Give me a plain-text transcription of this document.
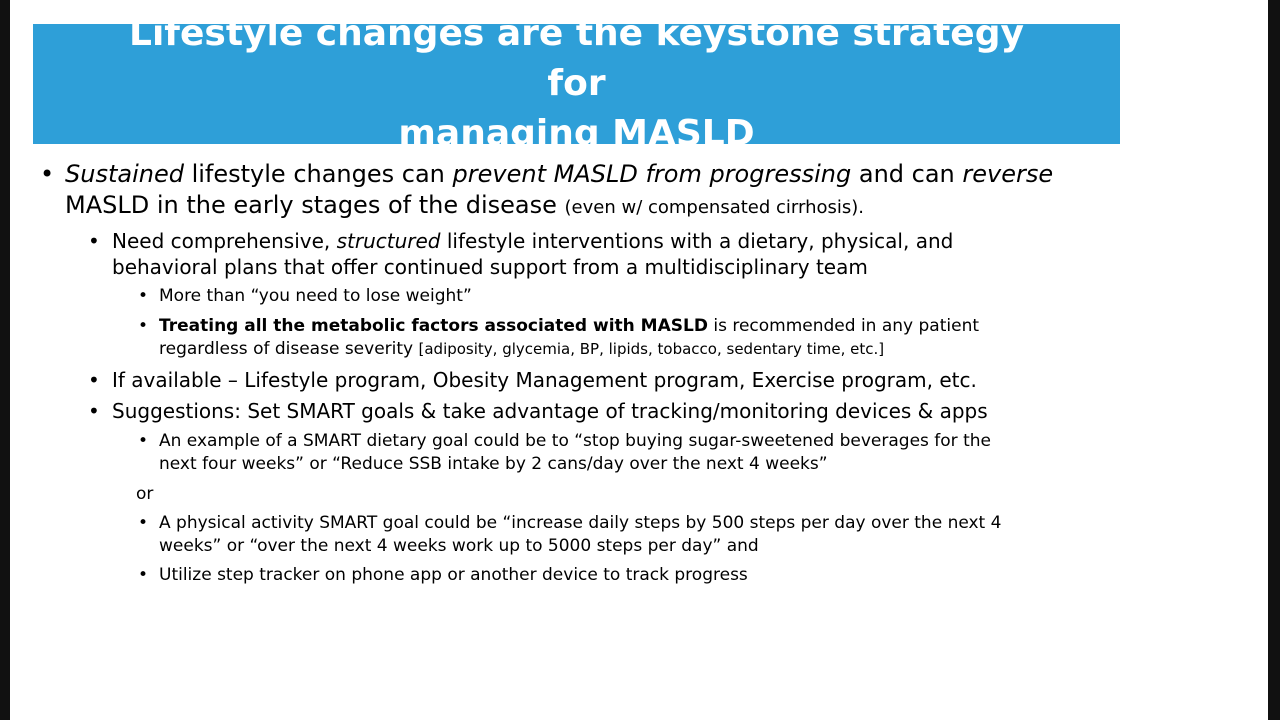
Lifestyle changes are the keystone strategy for
managing MASLD
• Sustained lifestyle changes can prevent MASLD from progressing and can reverse

MASLD in the early stages of the disease (even w/ compensated cirrhosis).

• Need comprehensive, structured lifestyle interventions with a dietary, physical, and

behavioral plans that offer continued support from a multidisciplinary team

• More than “you need to lose weight”

• Treating all the metabolic factors associated with MASLD is recommended in any patient

regardless of disease severity [adiposity, glycemia, BP, lipids, tobacco, sedentary time, etc.]

• If available – Lifestyle program, Obesity Management program, Exercise program, etc.

• Suggestions: Set SMART goals & take advantage of tracking/monitoring devices & apps

• An example of a SMART dietary goal could be to “stop buying sugar-sweetened beverages for the

next four weeks” or “Reduce SSB intake by 2 cans/day over the next 4 weeks”

or

• A physical activity SMART goal could be “increase daily steps by 500 steps per day over the next 4

weeks” or “over the next 4 weeks work up to 5000 steps per day” and

• Utilize step tracker on phone app or another device to track progress
